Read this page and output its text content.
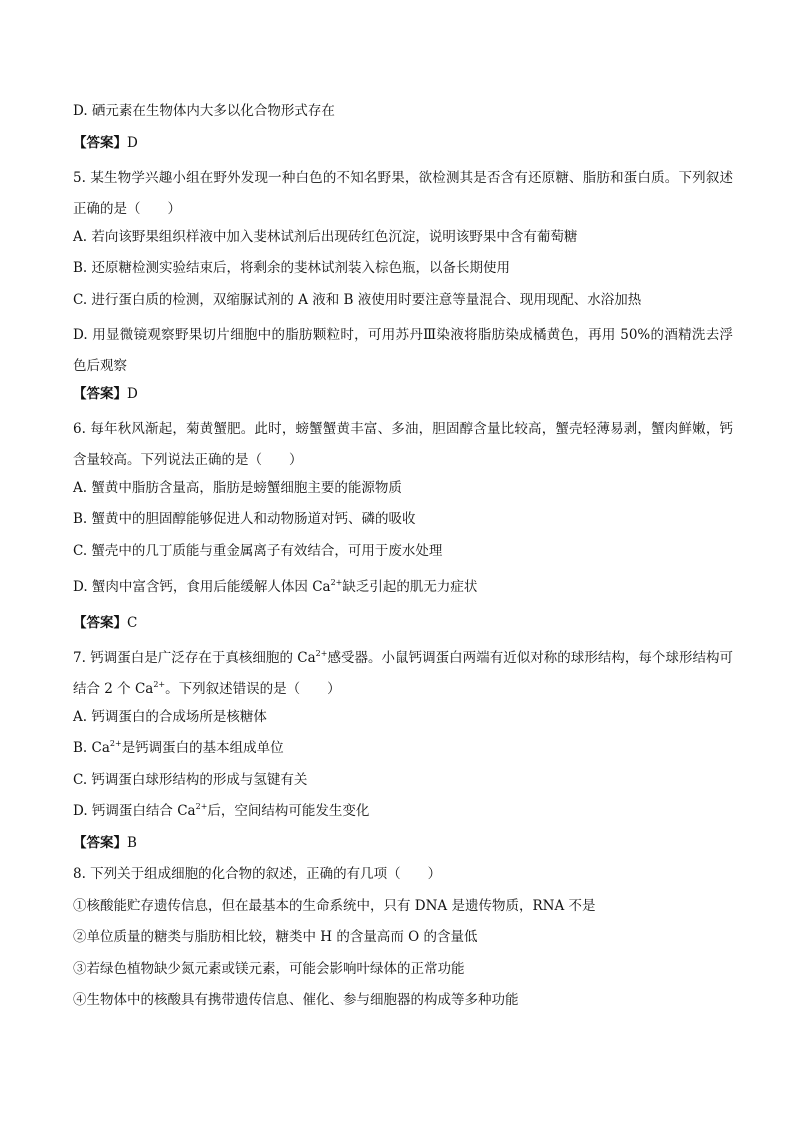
D. 硒元素在生物体内大多以化合物形式存在
【答案】D
5. 某生物学兴趣小组在野外发现一种白色的不知名野果，欲检测其是否含有还原糖、脂肪和蛋白质。下列叙述正确的是（　　）
A. 若向该野果组织样液中加入斐林试剂后出现砖红色沉淀，说明该野果中含有葡萄糖
B. 还原糖检测实验结束后，将剩余的斐林试剂装入棕色瓶，以备长期使用
C. 进行蛋白质的检测，双缩脲试剂的 A 液和 B 液使用时要注意等量混合、现用现配、水浴加热
D. 用显微镜观察野果切片细胞中的脂肪颗粒时，可用苏丹Ⅲ染液将脂肪染成橘黄色，再用 50%的酒精洗去浮色后观察
【答案】D
6. 每年秋风渐起，菊黄蟹肥。此时，螃蟹蟹黄丰富、多油，胆固醇含量比较高，蟹壳轻薄易剥，蟹肉鲜嫩，钙含量较高。下列说法正确的是（　　）
A. 蟹黄中脂肪含量高，脂肪是螃蟹细胞主要的能源物质
B. 蟹黄中的胆固醇能够促进人和动物肠道对钙、磷的吸收
C. 蟹壳中的几丁质能与重金属离子有效结合，可用于废水处理
D. 蟹肉中富含钙，食用后能缓解人体因 $Ca^{2+}$缺乏引起的肌无力症状
【答案】C
7. 钙调蛋白是广泛存在于真核细胞的 $Ca^{2+}$感受器。小鼠钙调蛋白两端有近似对称的球形结构，每个球形结构可结合 2 个 $Ca^{2+}$。下列叙述错误的是（　　）
A. 钙调蛋白的合成场所是核糖体
B. $Ca^{2+}$是钙调蛋白的基本组成单位
C. 钙调蛋白球形结构的形成与氢键有关
D. 钙调蛋白结合 $Ca^{2+}$后，空间结构可能发生变化
【答案】B
8. 下列关于组成细胞的化合物的叙述，正确的有几项（　　）
①核酸能贮存遗传信息，但在最基本的生命系统中，只有 DNA 是遗传物质，RNA 不是
②单位质量的糖类与脂肪相比较，糖类中 H 的含量高而 O 的含量低
③若绿色植物缺少氮元素或镁元素，可能会影响叶绿体的正常功能
④生物体中的核酸具有携带遗传信息、催化、参与细胞器的构成等多种功能
